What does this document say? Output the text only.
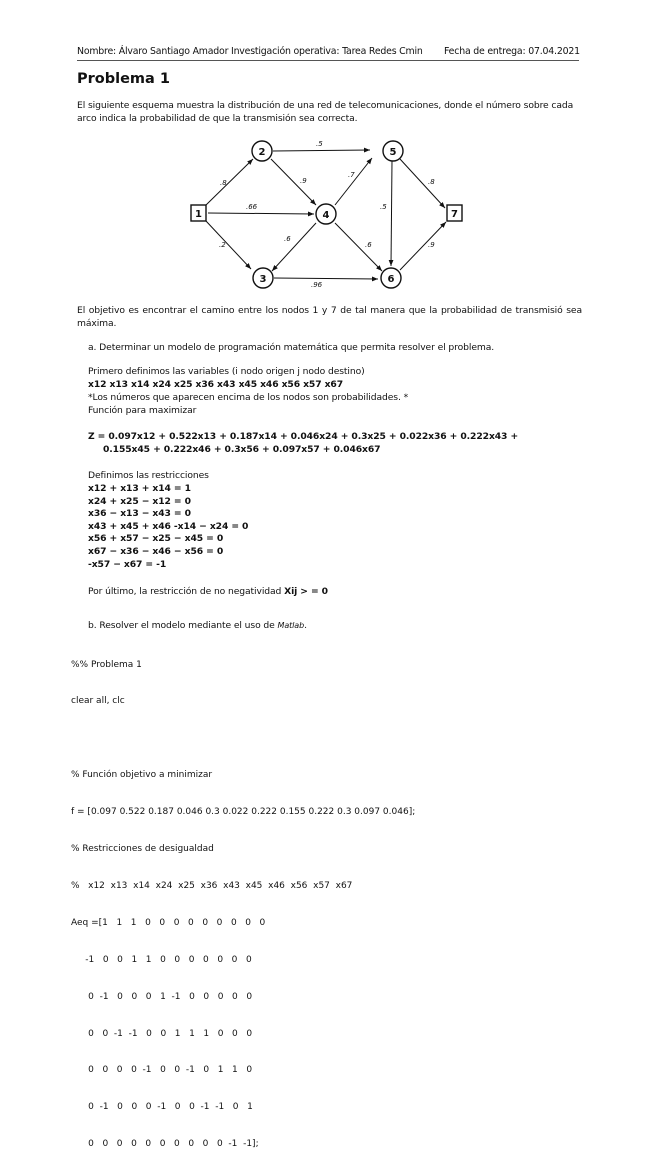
Nombre: Álvaro Santiago Amador Investigación operativa: Tarea Redes Cmin Fecha de entrega: 07.04.2021
Problema 1
El siguiente esquema muestra la distribución de una red de telecomunicaciones, donde el número sobre cada arco indica la probabilidad de que la transmisión sea correcta.
.8
.2
.66
.5
.9
.6
.7
.6
.5
.8
.96
.9
1
2
3
4
5
6
7
El objetivo es encontrar el camino entre los nodos 1 y 7 de tal manera que la probabilidad de transmisió sea máxima.
a. Determinar un modelo de programación matemática que permita resolver el problema.
Primero definimos las variables (i nodo origen j nodo destino)
x12 x13 x14 x24 x25 x36 x43 x45 x46 x56 x57 x67
*Los números que aparecen encima de los nodos son probabilidades. *
Función para maximizar
Z = 0.097x12 + 0.522x13 + 0.187x14 + 0.046x24 + 0.3x25 + 0.022x36 + 0.222x43 +
0.155x45 + 0.222x46 + 0.3x56 + 0.097x57 + 0.046x67
Definimos las restricciones
x12 + x13 + x14 = 1
x24 + x25 − x12 = 0
x36 − x13 − x43 = 0
x43 + x45 + x46 -x14 − x24 = 0
x56 + x57 − x25 − x45 = 0
x67 − x36 − x46 − x56 = 0
-x57 − x67 = -1
Por último, la restricción de no negatividad Xij > = 0
b. Resolver el modelo mediante el uso de Matlab.

%% Problema 1

clear all, clc

% Función objetivo a minimizar

f = [0.097 0.522 0.187 0.046 0.3 0.022 0.222 0.155 0.222 0.3 0.097 0.046];

% Restricciones de desigualdad

%   x12  x13  x14  x24  x25  x36  x43  x45  x46  x56  x57  x67

Aeq =[1   1   1   0   0   0   0   0   0   0   0   0

-1   0   0   1   1   0   0   0   0   0   0   0

0  -1   0   0   0   1  -1   0   0   0   0   0

0   0  -1  -1   0   0   1   1   1   0   0   0

0   0   0   0  -1   0   0  -1   0   1   1   0

0  -1   0   0   0  -1   0   0  -1  -1   0   1

0   0   0   0   0   0   0   0   0   0  -1  -1];
